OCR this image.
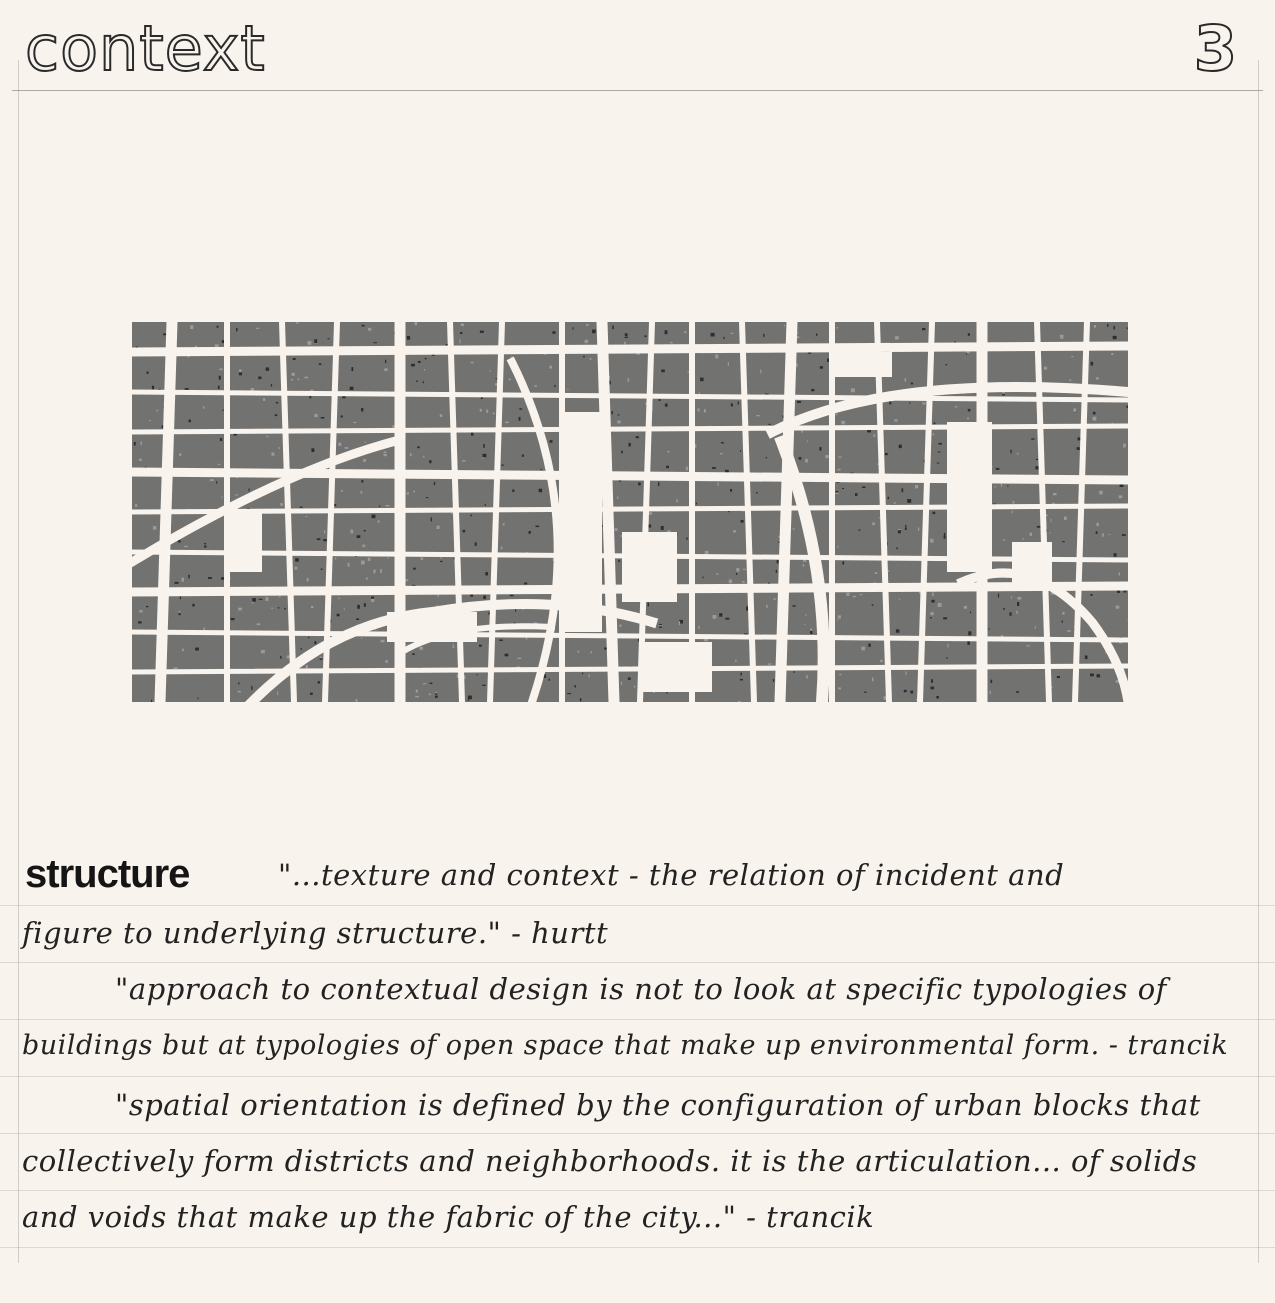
context	3
structure	"...texture and context - the relation of incident and
figure to underlying structure." - hurtt
"approach to contextual design is not to look at specific typologies of
buildings but at typologies of open space that make up environmental form. - trancik
"spatial orientation is defined by the configuration of urban blocks that
collectively form districts and neighborhoods. it is the articulation... of solids
and voids that make up the fabric of the city..." - trancik
